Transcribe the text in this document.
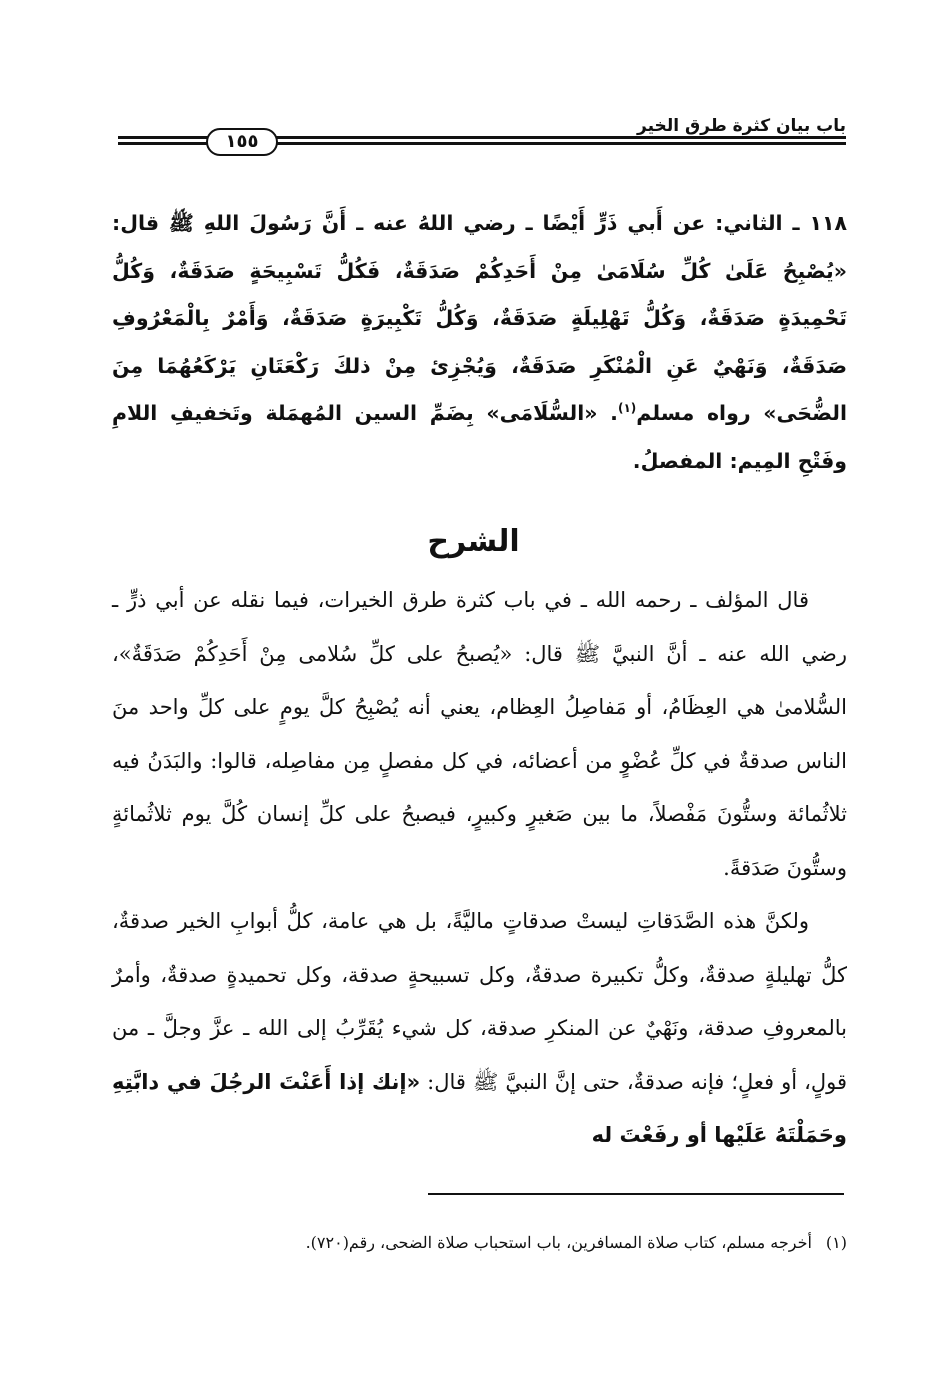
باب بيان كثرة طرق الخير
١٥٥

١١٨ ـ الثاني: عن أَبي ذَرٍّ أَيْضًا ـ رضي اللهُ عنه ـ أَنَّ رَسُولَ اللهِ ﷺ قال: «يُصْبِحُ عَلَىٰ كُلِّ سُلَامَىٰ مِنْ أَحَدِكُمْ صَدَقَةٌ، فَكُلُّ تَسْبِيحَةٍ صَدَقَةٌ، وَكُلُّ تَحْمِيدَةٍ صَدَقَةٌ، وَكُلُّ تَهْلِيلَةٍ صَدَقَةٌ، وَكُلُّ تَكْبِيرَةٍ صَدَقَةٌ، وَأَمْرٌ بِالْمَعْرُوفِ صَدَقَةٌ، وَنَهْيٌ عَنِ الْمُنْكَرِ صَدَقَةٌ، وَيُجْزِئ مِنْ ذلكَ رَكْعَتَانِ يَرْكَعُهُمَا مِنَ الضُّحَى» رواه مسلم$^{(١)}$. «السُّلَامَى» بِضَمِّ السين المُهمَلة وتَخفيفِ اللامِ وفَتْحِ المِيم: المفصلُ.

الشرح

قال المؤلف ـ رحمه الله ـ في باب كثرة طرق الخيرات، فيما نقله عن أبي ذرٍّ ـ رضي الله عنه ـ أنَّ النبيَّ ﷺ قال: «يُصبحُ على كلِّ سُلامى مِنْ أَحَدِكُمْ صَدَقَةٌ»، السُّلامىٰ هي العِظَامُ، أو مَفاصِلُ العِظام، يعني أنه يُصْبِحُ كلَّ يومٍ على كلِّ واحد منَ الناس صدقةٌ في كلِّ عُضْوٍ من أعضائه، في كل مفصلٍ مِن مفاصِله، قالوا: والبَدَنُ فيه ثلاثُمائة وستُّونَ مَفْصلاً، ما بين صَغيرٍ وكبيرٍ، فيصبحُ على كلِّ إنسان كُلَّ يوم ثلاثُمائةٍ وستُّونَ صَدَقةً.

ولكنَّ هذه الصَّدَقاتِ ليستْ صدقاتٍ ماليَّةً، بل هي عامة، كلُّ أبوابِ الخير صدقةٌ، كلُّ تهليلةٍ صدقةٌ، وكلُّ تكبيرة صدقةٌ، وكل تسبيحةٍ صدقة، وكل تحميدةٍ صدقةٌ، وأمرٌ بالمعروفِ صدقة، ونَهْيٌ عن المنكرِ صدقة، كل شيء يُقَرِّبُ إلى الله ـ عزَّ وجلَّ ـ من قولٍ، أو فعلٍ؛ فإنه صدقةٌ، حتى إنَّ النبيَّ ﷺ قال: «إنك إذا أَعَنْتَ الرجُلَ في دابَّتِهِ وحَمَلْتَهُ عَلَيْها أو رفَعْتَ له

(١)أخرجه مسلم، كتاب صلاة المسافرين، باب استحباب صلاة الضحى، رقم(٧٢٠).
